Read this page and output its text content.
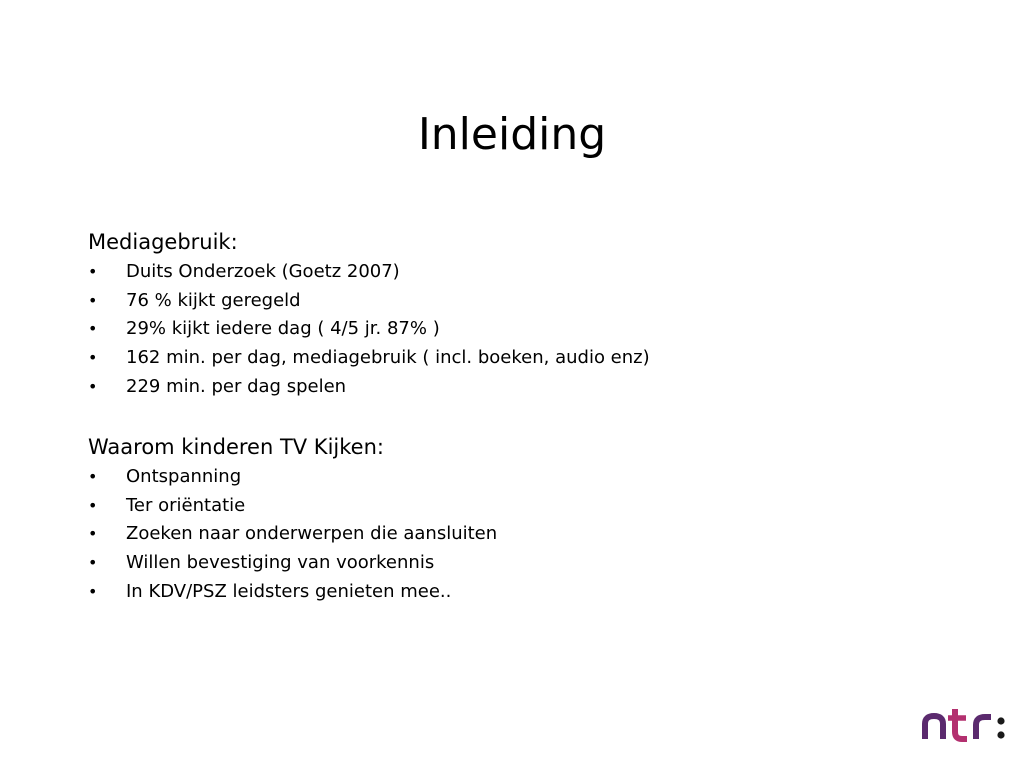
Inleiding
Mediagebruik:
• Duits Onderzoek (Goetz 2007)
• 76 % kijkt geregeld
• 29% kijkt iedere dag ( 4/5 jr. 87% )
• 162 min. per dag, mediagebruik ( incl. boeken, audio enz)
• 229 min. per dag spelen
Waarom kinderen TV Kijken:
• Ontspanning
• Ter oriëntatie
• Zoeken naar onderwerpen die aansluiten
• Willen bevestiging van voorkennis
• In KDV/PSZ leidsters genieten mee..
